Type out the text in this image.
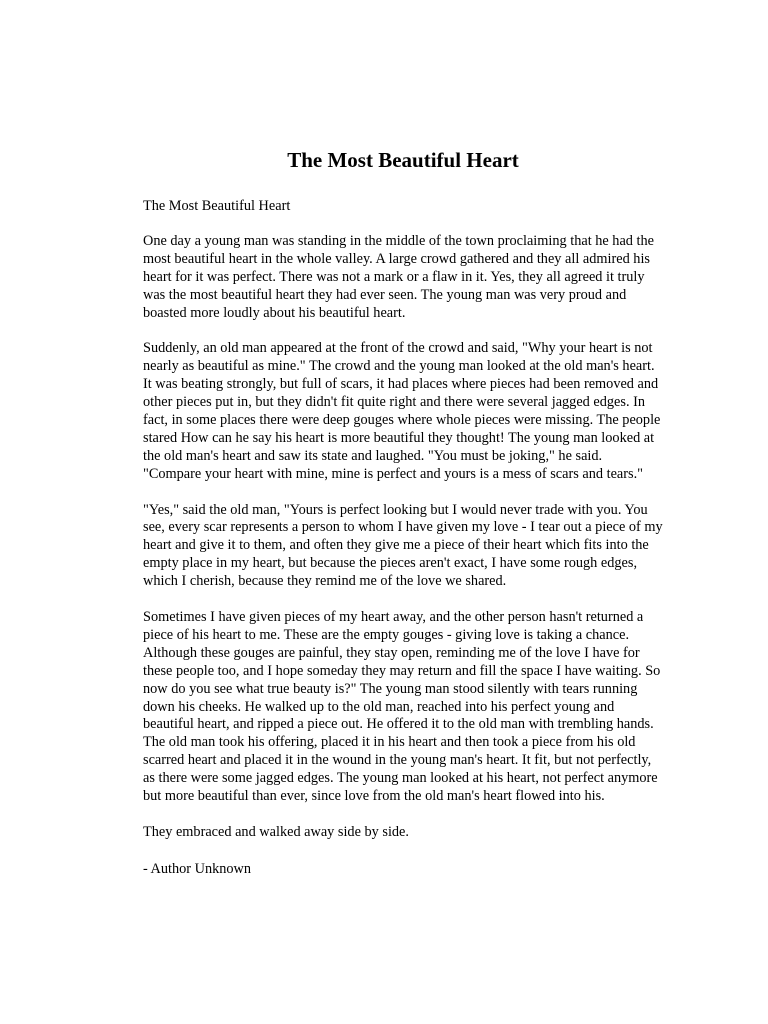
The Most Beautiful Heart

The Most Beautiful Heart

One day a young man was standing in the middle of the town proclaiming that he had the most beautiful heart in the whole valley. A large crowd gathered and they all admired his heart for it was perfect. There was not a mark or a flaw in it. Yes, they all agreed it truly was the most beautiful heart they had ever seen. The young man was very proud and boasted more loudly about his beautiful heart.

Suddenly, an old man appeared at the front of the crowd and said, "Why your heart is not nearly as beautiful as mine." The crowd and the young man looked at the old man's heart. It was beating strongly, but full of scars, it had places where pieces had been removed and other pieces put in, but they didn't fit quite right and there were several jagged edges. In fact, in some places there were deep gouges where whole pieces were missing. The people stared How can he say his heart is more beautiful they thought! The young man looked at the old man's heart and saw its state and laughed. "You must be joking," he said. "Compare your heart with mine, mine is perfect and yours is a mess of scars and tears."

"Yes," said the old man, "Yours is perfect looking but I would never trade with you. You see, every scar represents a person to whom I have given my love - I tear out a piece of my heart and give it to them, and often they give me a piece of their heart which fits into the empty place in my heart, but because the pieces aren't exact, I have some rough edges, which I cherish, because they remind me of the love we shared.

Sometimes I have given pieces of my heart away, and the other person hasn't returned a piece of his heart to me. These are the empty gouges - giving love is taking a chance. Although these gouges are painful, they stay open, reminding me of the love I have for these people too, and I hope someday they may return and fill the space I have waiting. So now do you see what true beauty is?" The young man stood silently with tears running down his cheeks. He walked up to the old man, reached into his perfect young and beautiful heart, and ripped a piece out. He offered it to the old man with trembling hands. The old man took his offering, placed it in his heart and then took a piece from his old scarred heart and placed it in the wound in the young man's heart. It fit, but not perfectly, as there were some jagged edges. The young man looked at his heart, not perfect anymore but more beautiful than ever, since love from the old man's heart flowed into his.

They embraced and walked away side by side.

- Author Unknown
